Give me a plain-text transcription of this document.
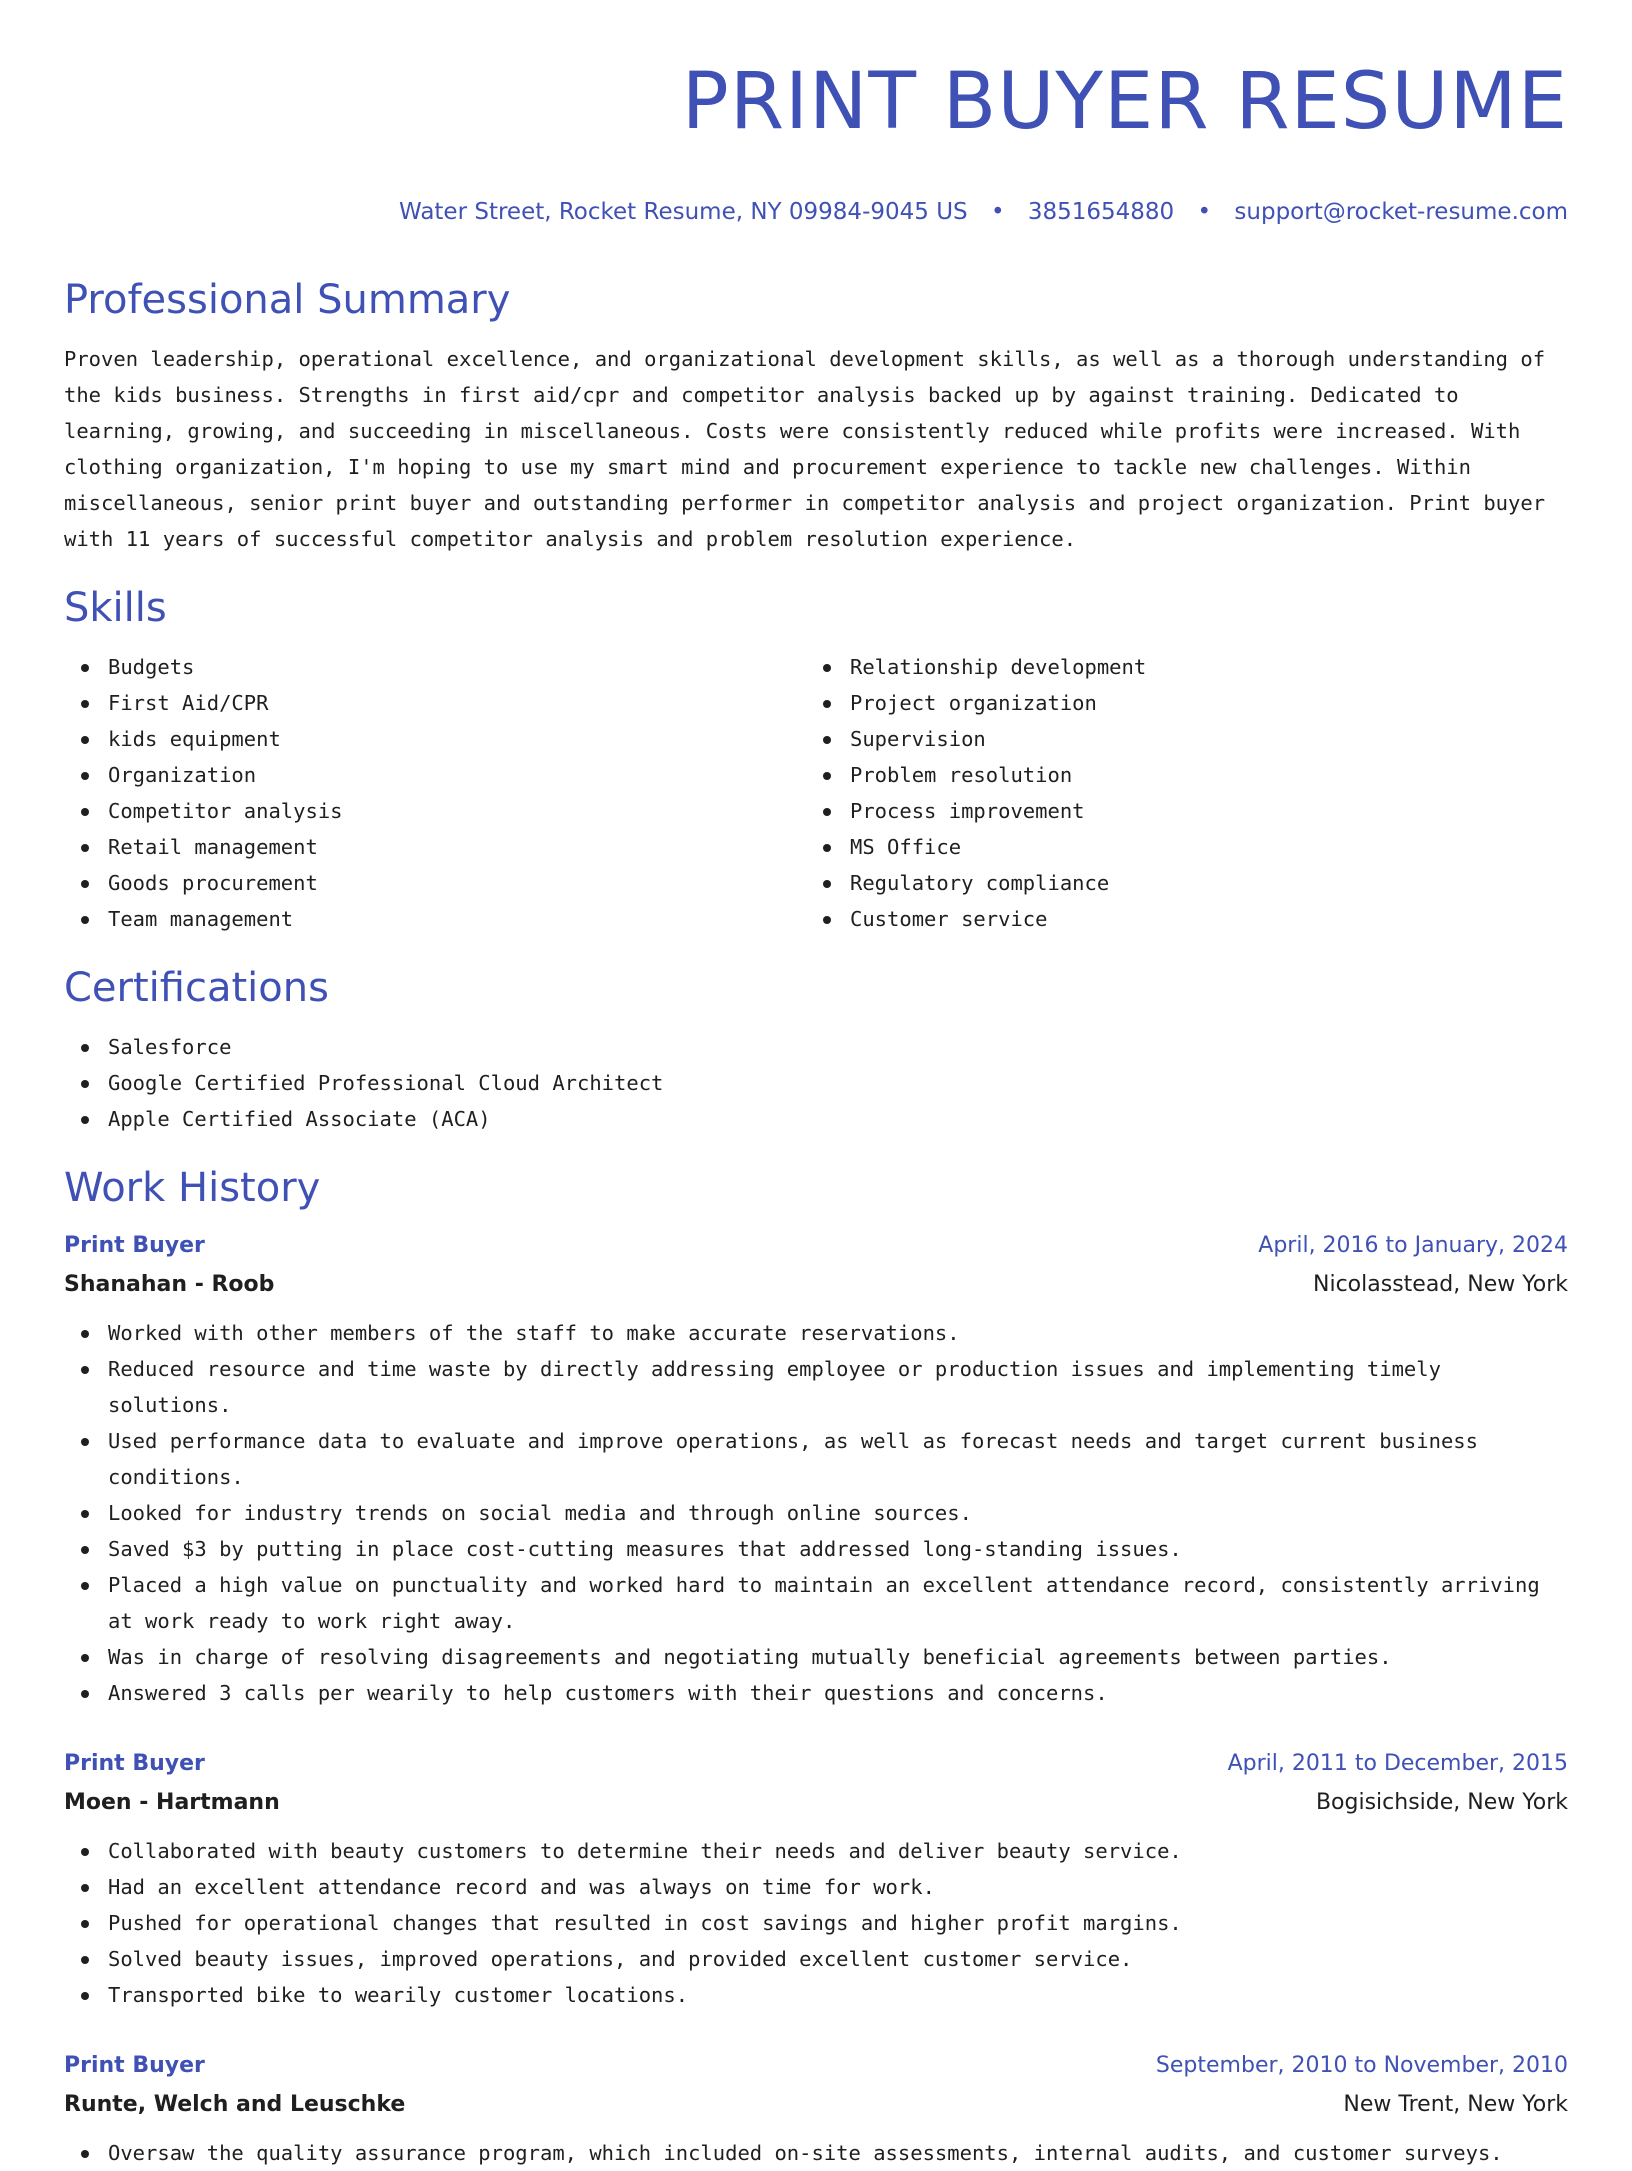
PRINT BUYER RESUME
Water Street, Rocket Resume, NY 09984-9045 US • 3851654880 • support@rocket-resume.com
Professional Summary

Proven leadership, operational excellence, and organizational development skills, as well as a thorough understanding of the kids business. Strengths in first aid/cpr and competitor analysis backed up by against training. Dedicated to learning, growing, and succeeding in miscellaneous. Costs were consistently reduced while profits were increased. With clothing organization, I'm hoping to use my smart mind and procurement experience to tackle new challenges. Within miscellaneous, senior print buyer and outstanding performer in competitor analysis and project organization. Print buyer with 11 years of successful competitor analysis and problem resolution experience.

Skills
Budgets
First Aid/CPR
kids equipment
Organization
Competitor analysis
Retail management
Goods procurement
Team management
Relationship development
Project organization
Supervision
Problem resolution
Process improvement
MS Office
Regulatory compliance
Customer service
Certifications
Salesforce
Google Certified Professional Cloud Architect
Apple Certified Associate (ACA)
Work History
Print Buyer	April, 2016 to January, 2024
Shanahan - Roob	Nicolasstead, New York
Worked with other members of the staff to make accurate reservations.
Reduced resource and time waste by directly addressing employee or production issues and implementing timely solutions.
Used performance data to evaluate and improve operations, as well as forecast needs and target current business conditions.
Looked for industry trends on social media and through online sources.
Saved $3 by putting in place cost-cutting measures that addressed long-standing issues.
Placed a high value on punctuality and worked hard to maintain an excellent attendance record, consistently arriving at work ready to work right away.
Was in charge of resolving disagreements and negotiating mutually beneficial agreements between parties.
Answered 3 calls per wearily to help customers with their questions and concerns.
Print Buyer	April, 2011 to December, 2015
Moen - Hartmann	Bogisichside, New York
Collaborated with beauty customers to determine their needs and deliver beauty service.
Had an excellent attendance record and was always on time for work.
Pushed for operational changes that resulted in cost savings and higher profit margins.
Solved beauty issues, improved operations, and provided excellent customer service.
Transported bike to wearily customer locations.
Print Buyer	September, 2010 to November, 2010
Runte, Welch and Leuschke	New Trent, New York
Oversaw the quality assurance program, which included on-site assessments, internal audits, and customer surveys.
